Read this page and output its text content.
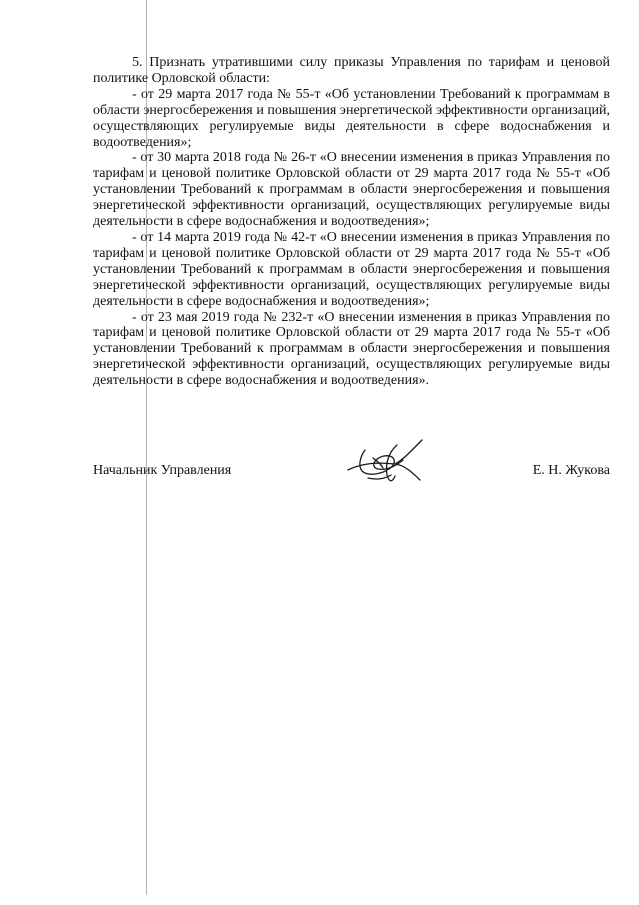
5. Признать утратившими силу приказы Управления по тарифам и ценовой политике Орловской области:

- от 29 марта 2017 года № 55-т «Об установлении Требований к программам в области энергосбережения и повышения энергетической эффективности организаций, осуществляющих регулируемые виды деятельности в сфере водоснабжения и водоотведения»;

- от 30 марта 2018 года № 26-т «О внесении изменения в приказ Управления по тарифам и ценовой политике Орловской области от 29 марта 2017 года № 55-т «Об установлении Требований к программам в области энергосбережения и повышения энергетической эффективности организаций, осуществляющих регулируемые виды деятельности в сфере водоснабжения и водоотведения»;

- от 14 марта 2019 года № 42-т «О внесении изменения в приказ Управления по тарифам и ценовой политике Орловской области от 29 марта 2017 года № 55-т «Об установлении Требований к программам в области энергосбережения и повышения энергетической эффективности организаций, осуществляющих регулируемые виды деятельности в сфере водоснабжения и водоотведения»;

- от 23 мая 2019 года № 232-т «О внесении изменения в приказ Управления по тарифам и ценовой политике Орловской области от 29 марта 2017 года № 55-т «Об установлении Требований к программам в области энергосбережения и повышения энергетической эффективности организаций, осуществляющих регулируемые виды деятельности в сфере водоснабжения и водоотведения».

Начальник Управления	Е. Н. Жукова
